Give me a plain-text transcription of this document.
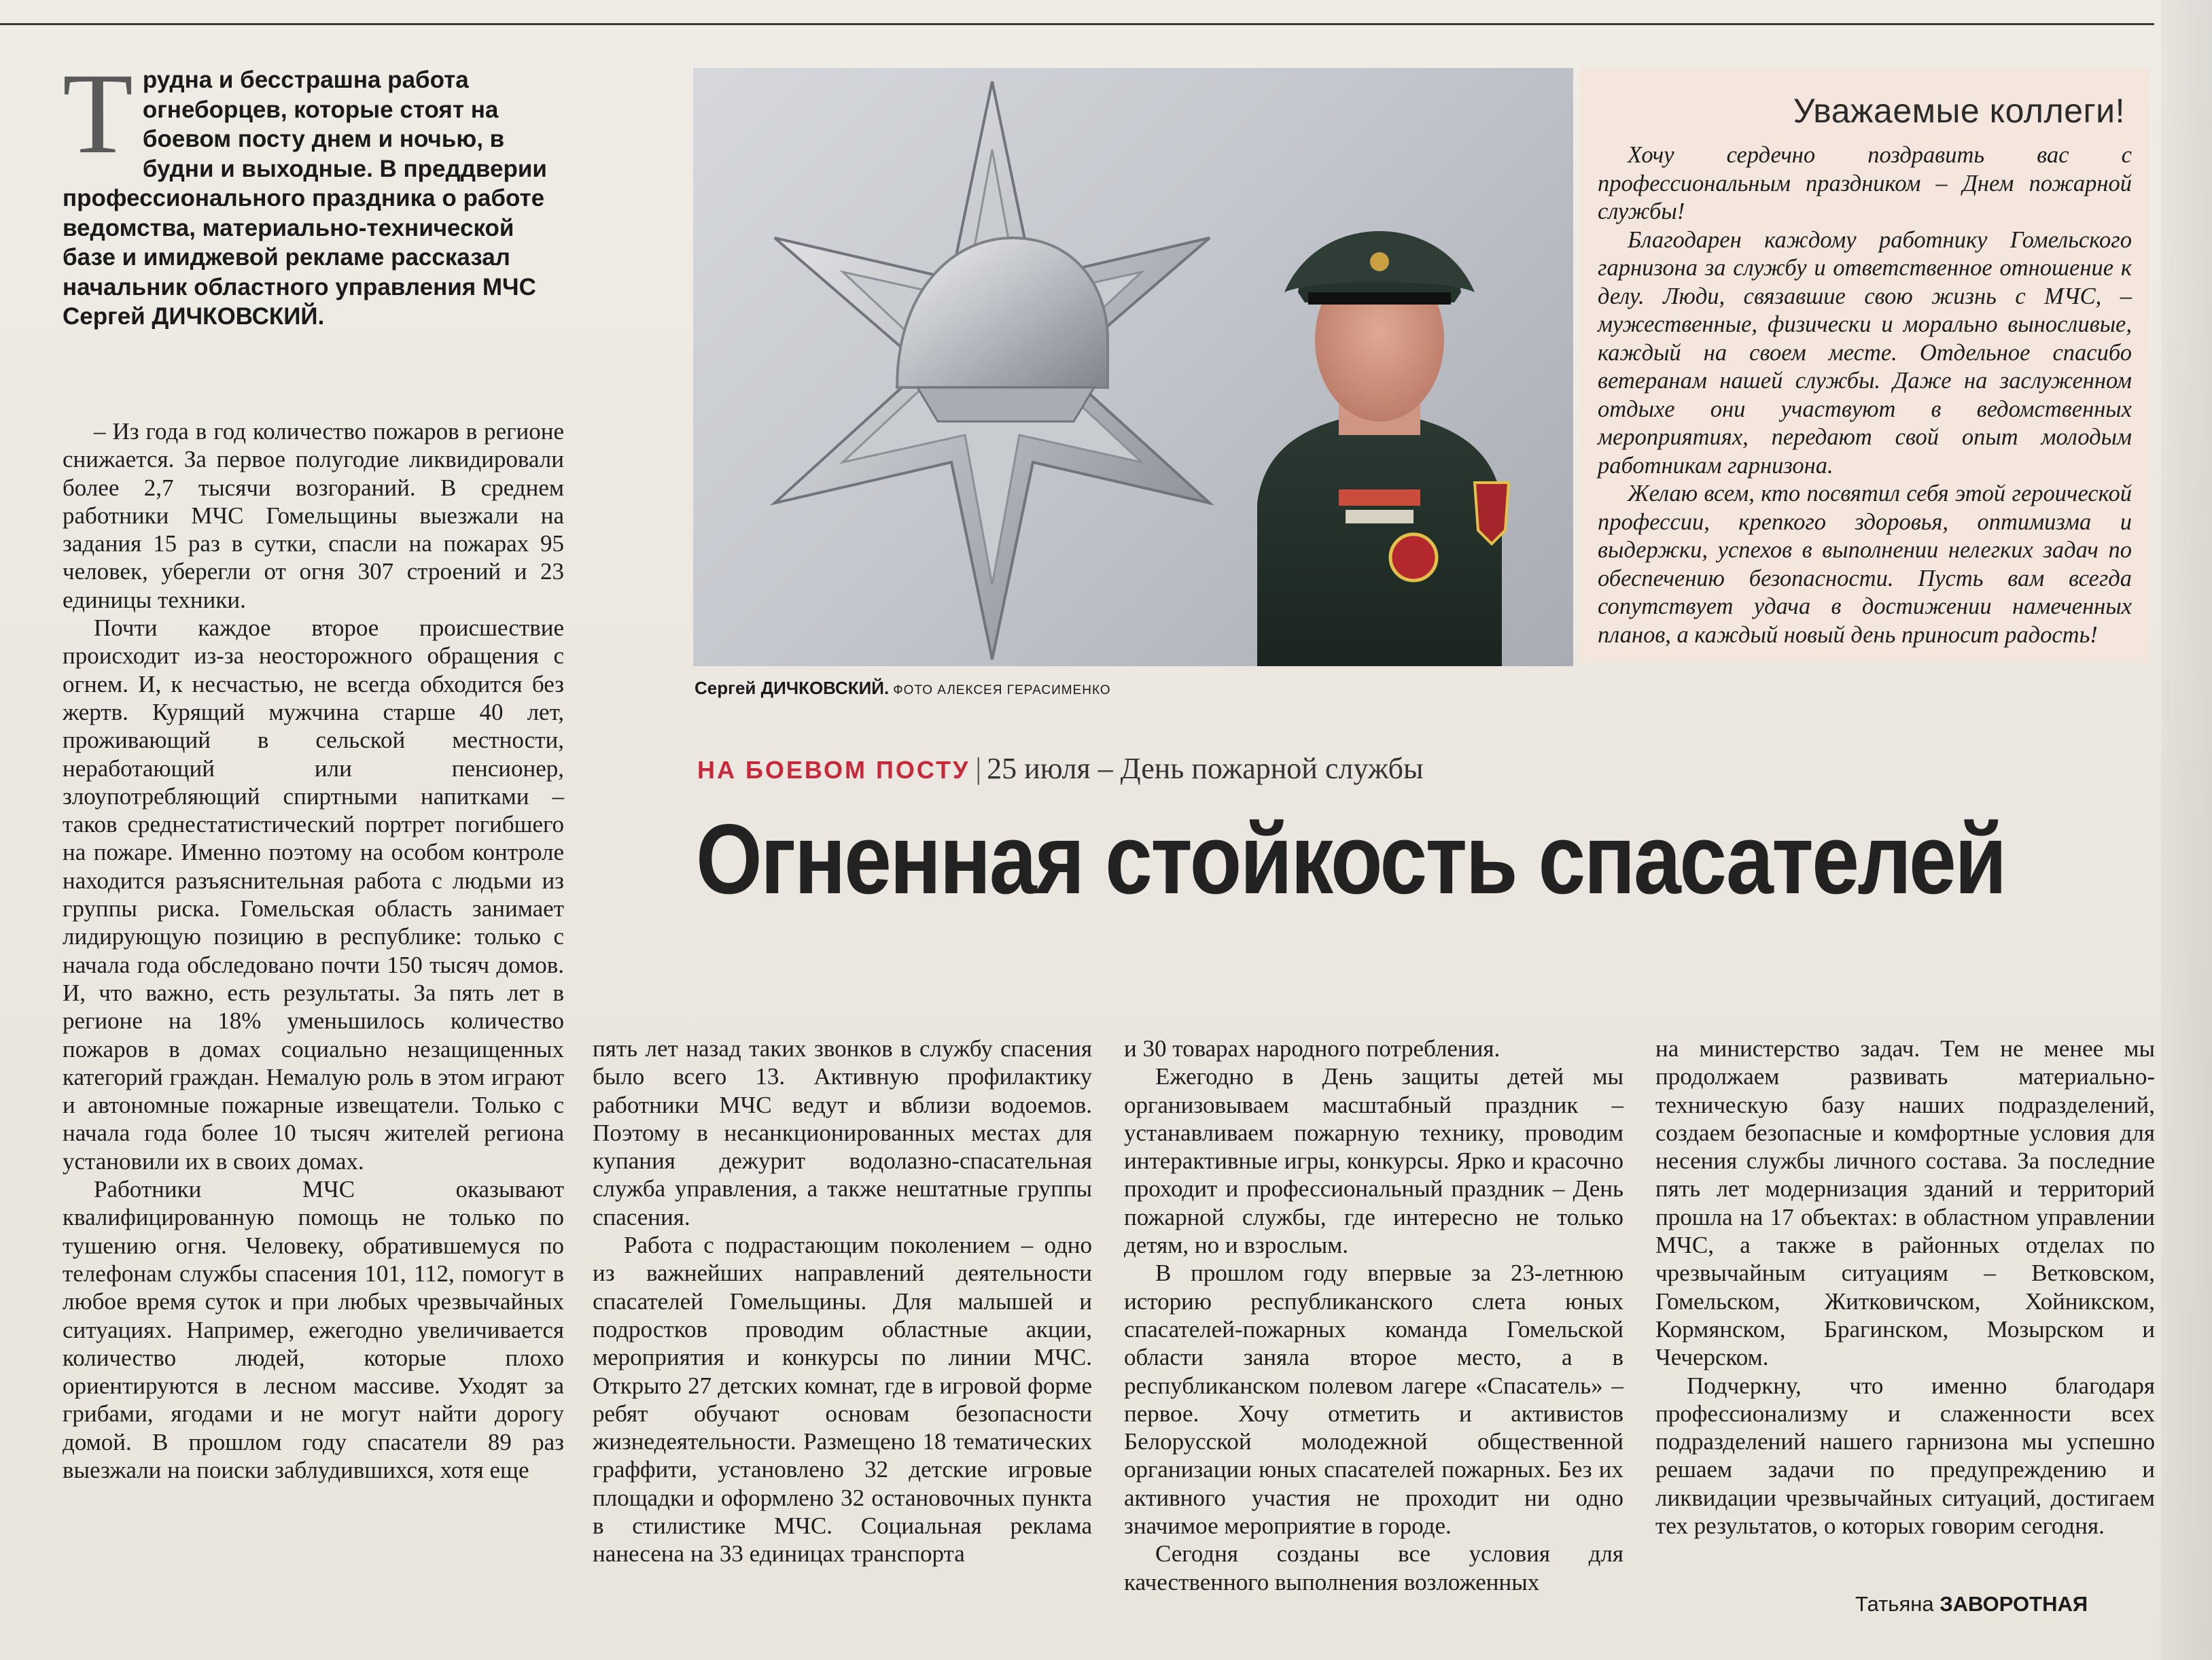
Трудна и бесстрашна работа огнеборцев, которые стоят на боевом посту днем и ночью, в будни и выходные. В преддверии профессионального праздника о работе ведомства, материально-технической базе и имиджевой рекламе рассказал начальник областного управления МЧС Сергей ДИЧКОВСКИЙ.
Сергей ДИЧКОВСКИЙ. ФОТО АЛЕКСЕЯ ГЕРАСИМЕНКО
Уважаемые коллеги!

Хочу сердечно поздравить вас с профессиональным праздником – Днем пожарной службы!

Благодарен каждому работнику Гомельского гарнизона за службу и ответственное отношение к делу. Люди, связавшие свою жизнь с МЧС, – мужественные, физически и морально выносливые, каждый на своем месте. Отдельное спасибо ветеранам нашей службы. Даже на заслуженном отдыхе они участвуют в ведомственных мероприятиях, передают свой опыт молодым работникам гарнизона.

Желаю всем, кто посвятил себя этой героической профессии, крепкого здоровья, оптимизма и выдержки, успехов в выполнении нелегких задач по обеспечению безопасности. Пусть вам всегда сопутствует удача в достижении намеченных планов, а каждый новый день приносит радость!

НА БОЕВОМ ПОСТУ | 25 июля – День пожарной службы
Огненная стойкость спасателей

– Из года в год количество пожаров в регионе снижается. За первое полугодие ликвидировали более 2,7 тысячи возгораний. В среднем работники МЧС Гомельщины выезжали на задания 15 раз в сутки, спасли на пожарах 95 человек, уберегли от огня 307 строений и 23 единицы техники.

Почти каждое второе происшествие происходит из-за неосторожного обращения с огнем. И, к несчастью, не всегда обходится без жертв. Курящий мужчина старше 40 лет, проживающий в сельской местности, неработающий или пенсионер, злоупотребляющий спиртными напитками – таков среднестатистический портрет погибшего на пожаре. Именно поэтому на особом контроле находится разъяснительная работа с людьми из группы риска. Гомельская область занимает лидирующую позицию в республике: только с начала года обследовано почти 150 тысяч домов. И, что важно, есть результаты. За пять лет в регионе на 18% уменьшилось количество пожаров в домах социально незащищенных категорий граждан. Немалую роль в этом играют и автономные пожарные извещатели. Только с начала года более 10 тысяч жителей региона установили их в своих домах.

Работники МЧС оказывают квалифицированную помощь не только по тушению огня. Человеку, обратившемуся по телефонам службы спасения 101, 112, помогут в любое время суток и при любых чрезвычайных ситуациях. Например, ежегодно увеличивается количество людей, которые плохо ориентируются в лесном массиве. Уходят за грибами, ягодами и не могут найти дорогу домой. В прошлом году спасатели 89 раз выезжали на поиски заблудившихся, хотя еще

пять лет назад таких звонков в службу спасения было всего 13. Активную профилактику работники МЧС ведут и вблизи водоемов. Поэтому в несанкционированных местах для купания дежурит водолазно-спасательная служба управления, а также нештатные группы спасения.

Работа с подрастающим поколением – одно из важнейших направлений деятельности спасателей Гомельщины. Для малышей и подростков проводим областные акции, мероприятия и конкурсы по линии МЧС. Открыто 27 детских комнат, где в игровой форме ребят обучают основам безопасности жизнедеятельности. Размещено 18 тематических граффити, установлено 32 детские игровые площадки и оформлено 32 остановочных пункта в стилистике МЧС. Социальная реклама нанесена на 33 единицах транспорта

и 30 товарах народного потребления.

Ежегодно в День защиты детей мы организовываем масштабный праздник – устанавливаем пожарную технику, проводим интерактивные игры, конкурсы. Ярко и красочно проходит и профессиональный праздник – День пожарной службы, где интересно не только детям, но и взрослым.

В прошлом году впервые за 23-летнюю историю республиканского слета юных спасателей-пожарных команда Гомельской области заняла второе место, а в республиканском полевом лагере «Спасатель» – первое. Хочу отметить и активистов Белорусской молодежной общественной организации юных спасателей пожарных. Без их активного участия не проходит ни одно значимое мероприятие в городе.

Сегодня созданы все условия для качественного выполнения возложенных

на министерство задач. Тем не менее мы продолжаем развивать материально-техническую базу наших подразделений, создаем безопасные и комфортные условия для несения службы личного состава. За последние пять лет модернизация зданий и территорий прошла на 17 объектах: в областном управлении МЧС, а также в районных отделах по чрезвычайным ситуациям – Ветковском, Гомельском, Житковичском, Хойникском, Кормянском, Брагинском, Мозырском и Чечерском.

Подчеркну, что именно благодаря профессионализму и слаженности всех подразделений нашего гарнизона мы успешно решаем задачи по предупреждению и ликвидации чрезвычайных ситуаций, достигаем тех результатов, о которых говорим сегодня.

Татьяна ЗАВОРОТНАЯ
